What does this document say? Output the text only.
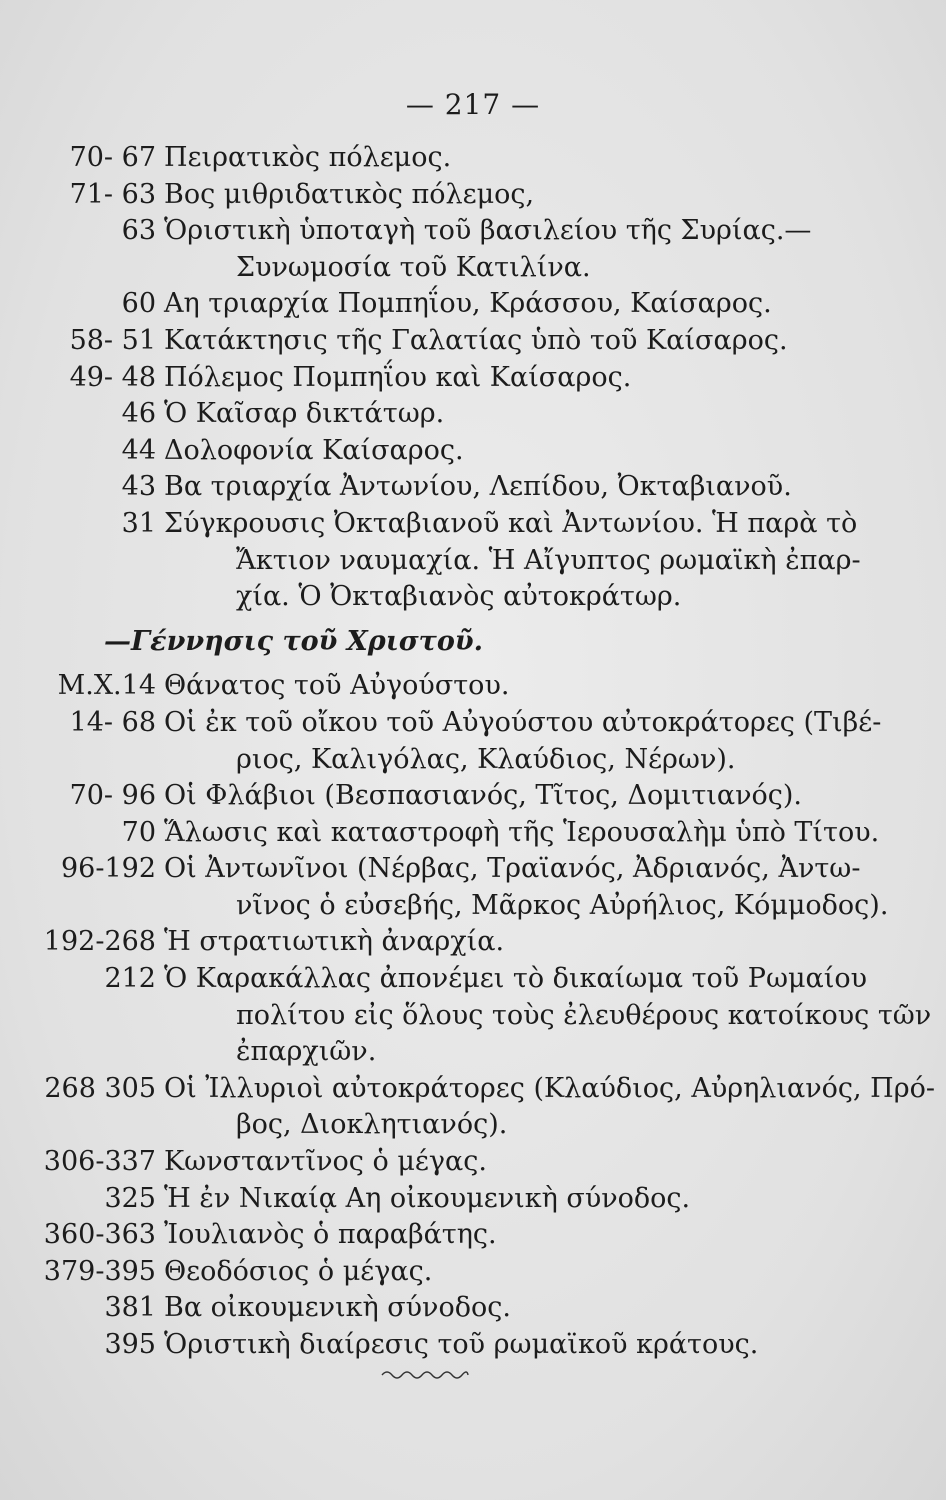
— 217 —
70- 67 Πειρατικὸς πόλεμος.
71- 63 Βος μιθριδατικὸς πόλεμος,
63 Ὁριστικὴ ὑποταγὴ τοῦ βασιλείου τῆς Συρίας.—
Συνωμοσία τοῦ Κατιλίνα.
60 Αη τριαρχία Πομπηΐου, Κράσσου, Καίσαρος.
58- 51 Κατάκτησις τῆς Γαλατίας ὑπὸ τοῦ Καίσαρος.
49- 48 Πόλεμος Πομπηΐου καὶ Καίσαρος.
46 Ὁ Καῖσαρ δικτάτωρ.
44 Δολοφονία Καίσαρος.
43 Βα τριαρχία Ἀντωνίου, Λεπίδου, Ὀκταβιανοῦ.
31 Σύγκρουσις Ὀκταβιανοῦ καὶ Ἀντωνίου. Ἡ παρὰ τὸ
Ἄκτιον ναυμαχία. Ἡ Αἴγυπτος ρωμαϊκὴ ἐπαρ-
χία. Ὁ Ὀκταβιανὸς αὐτοκράτωρ.
—Γέννησις τοῦ Χριστοῦ.
Μ.Χ.14 Θάνατος τοῦ Αὐγούστου.
14- 68 Οἱ ἐκ τοῦ οἴκου τοῦ Αὐγούστου αὐτοκράτορες (Τιβέ-
ριος, Καλιγόλας, Κλαύδιος, Νέρων).
70- 96 Οἱ Φλάβιοι (Βεσπασιανός, Τῖτος, Δομιτιανός).
70 Ἅλωσις καὶ καταστροφὴ τῆς Ἱερουσαλὴμ ὑπὸ Τίτου.
96-192 Οἱ Ἀντωνῖνοι (Νέρβας, Τραϊανός, Ἀδριανός, Ἀντω-
νῖνος ὁ εὐσεβής, Μᾶρκος Αὐρήλιος, Κόμμοδος).
192-268 Ἡ στρατιωτικὴ ἀναρχία.
212 Ὁ Καρακάλλας ἀπονέμει τὸ δικαίωμα τοῦ Ρωμαίου
πολίτου εἰς ὅλους τοὺς ἐλευθέρους κατοίκους τῶν
ἐπαρχιῶν.
268 305 Οἱ Ἰλλυριοὶ αὐτοκράτορες (Κλαύδιος, Αὐρηλιανός, Πρό-
βος, Διοκλητιανός).
306-337 Κωνσταντῖνος ὁ μέγας.
325 Ἡ ἐν Νικαίᾳ Αη οἰκουμενικὴ σύνοδος.
360-363 Ἰουλιανὸς ὁ παραβάτης.
379-395 Θεοδόσιος ὁ μέγας.
381 Βα οἰκουμενικὴ σύνοδος.
395 Ὁριστικὴ διαίρεσις τοῦ ρωμαϊκοῦ κράτους.
